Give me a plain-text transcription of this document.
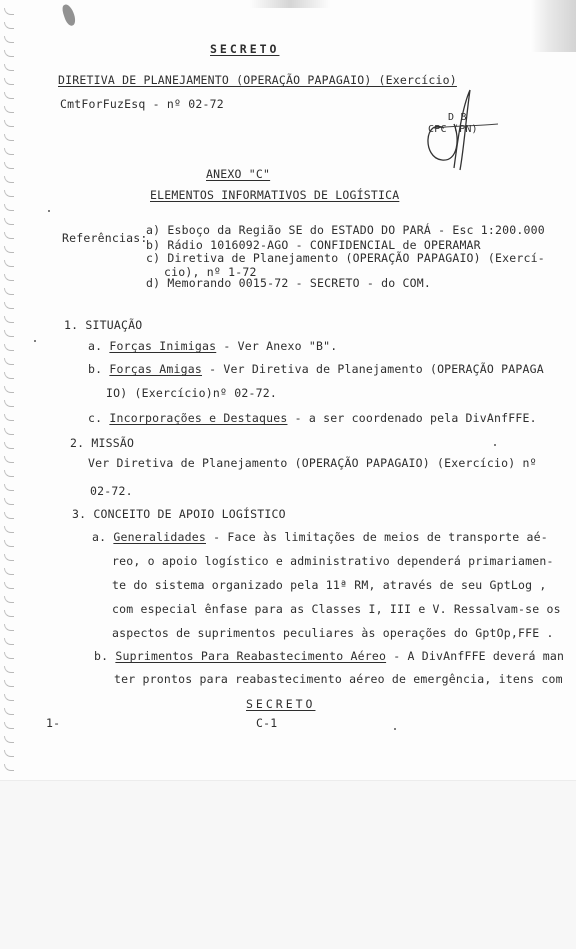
SECRETO
DIRETIVA DE PLANEJAMENTO (OPERAÇÃO PAPAGAIO) (Exercício)
CmtForFuzEsq - nº 02-72
D B
CPC (PN)
ANEXO "C"
ELEMENTOS INFORMATIVOS DE LOGÍSTICA
Referências:
a) Esboço da Região SE do ESTADO DO PARÁ - Esc 1:200.000
b) Rádio 1016092-AGO - CONFIDENCIAL de OPERAMAR
c) Diretiva de Planejamento (OPERAÇÃO PAPAGAIO) (Exercí-
cio), nº 1-72
d) Memorando 0015-72 - SECRETO - do COM.
1. SITUAÇÃO
a. Forças Inimigas - Ver Anexo "B".
b. Forças Amigas - Ver Diretiva de Planejamento (OPERAÇÃO PAPAGA
IO) (Exercício)nº 02-72.
c. Incorporações e Destaques - a ser coordenado pela DivAnfFFE.
2. MISSÃO
Ver Diretiva de Planejamento (OPERAÇÃO PAPAGAIO) (Exercício) nº
02-72.
3. CONCEITO DE APOIO LOGÍSTICO
a. Generalidades - Face às limitações de meios de transporte aé-
reo, o apoio logístico e administrativo dependerá primariamen-
te do sistema organizado pela 11ª RM, através de seu GptLog ,
com especial ênfase para as Classes I, III e V. Ressalvam-se os
aspectos de suprimentos peculiares às operações do GptOp,FFE .
b. Suprimentos Para Reabastecimento Aéreo - A DivAnfFFE deverá man
ter prontos para reabastecimento aéreo de emergência, itens com
SECRETO
C-1
1-
